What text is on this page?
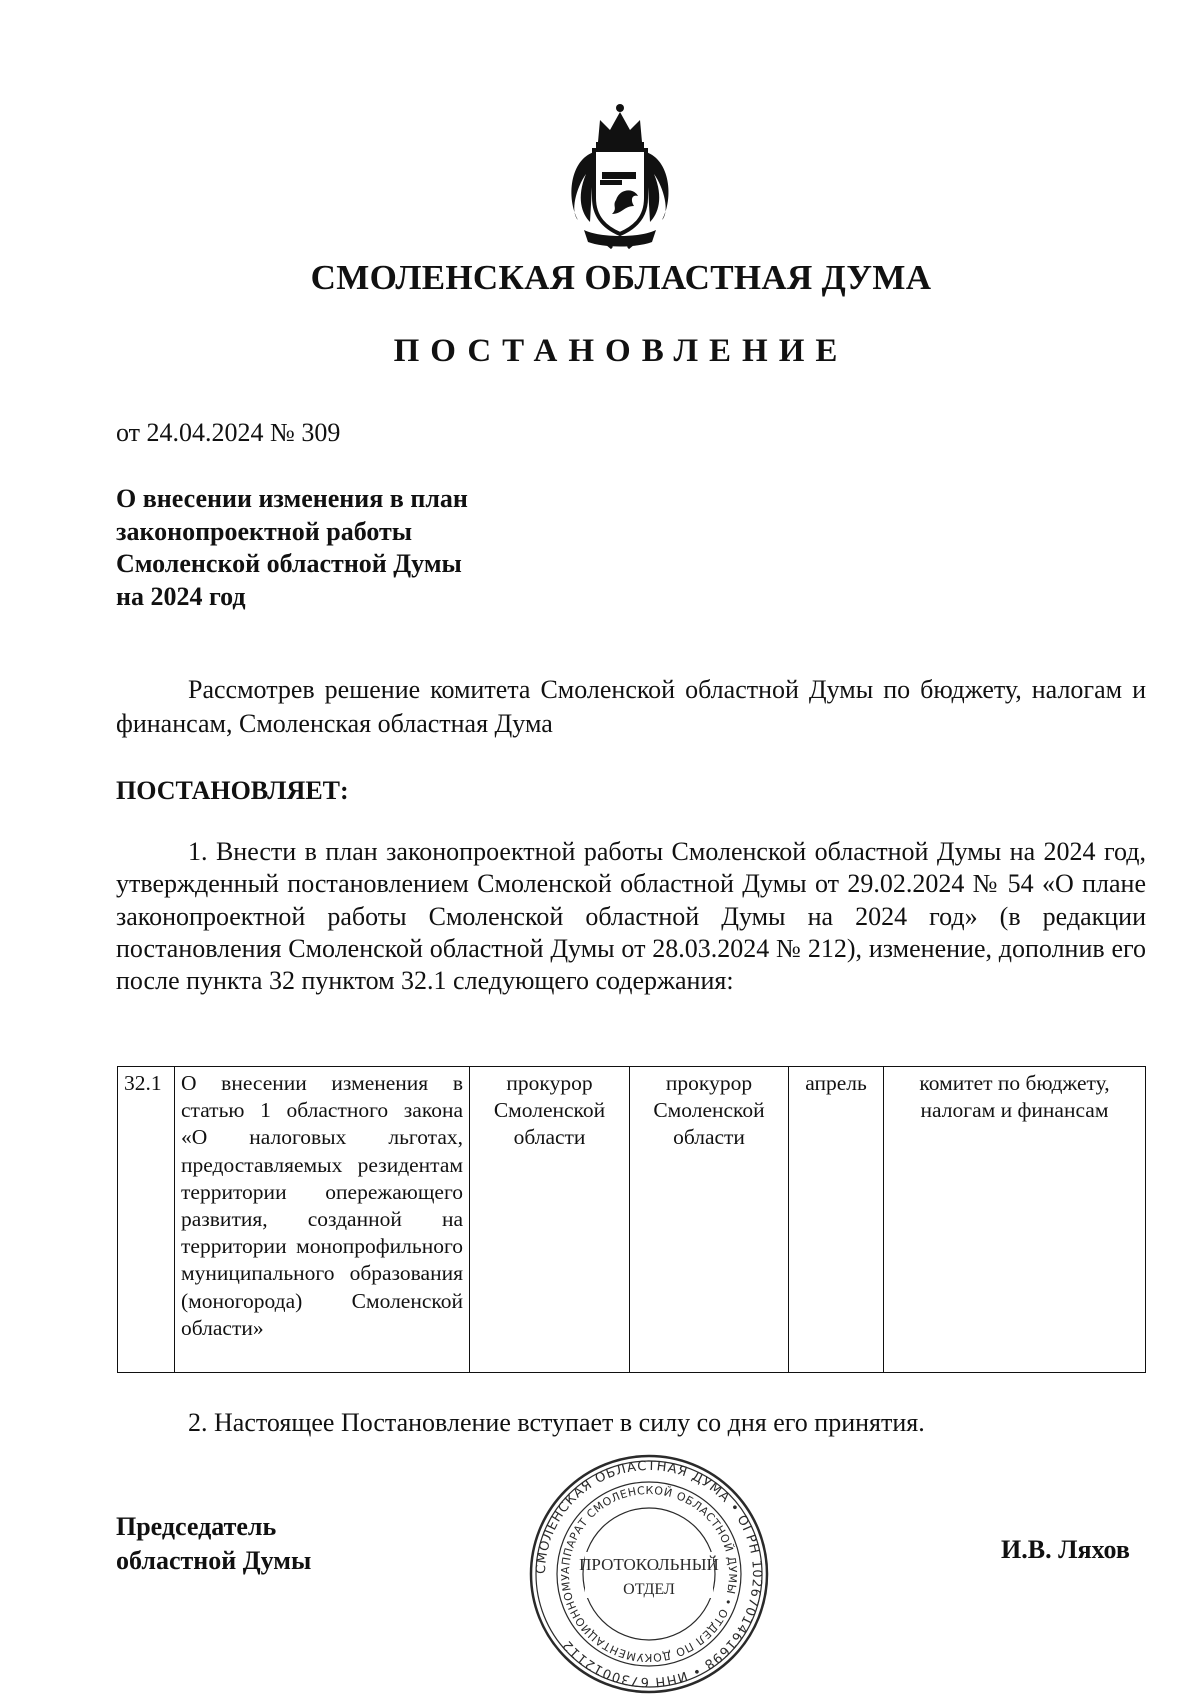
СМОЛЕНСКАЯ ОБЛАСТНАЯ ДУМА
ПОСТАНОВЛЕНИЕ
от 24.04.2024 № 309
О внесении изменения в план
законопроектной работы
Смоленской областной Думы
на 2024 год
Рассмотрев решение комитета Смоленской областной Думы по бюджету, налогам и финансам, Смоленская областная Дума
ПОСТАНОВЛЯЕТ:
1. Внести в план законопроектной работы Смоленской областной Думы на 2024 год, утвержденный постановлением Смоленской областной Думы от 29.02.2024 № 54 «О плане законопроектной работы Смоленской областной Думы на 2024 год» (в редакции постановления Смоленской областной Думы от 28.03.2024 № 212), изменение, дополнив его после пункта 32 пунктом 32.1 следующего содержания:
32.1	О внесении изменения в статью 1 областного закона «О налоговых льготах, предоставляемых резидентам территории опережающего развития, созданной на территории монопрофильного муниципального образования (моногорода) Смоленской области»	прокурор Смоленской области	прокурор Смоленской области	апрель	комитет по бюджету, налогам и финансам
2. Настоящее Постановление вступает в силу со дня его принятия.
Председатель
областной Думы	И.В. Ляхов
СМОЛЕНСКАЯ ОБЛАСТНАЯ ДУМА • ОГРН 1026701461698 • ИНН 6730012112
АППАРАТ СМОЛЕНСКОЙ ОБЛАСТНОЙ ДУМЫ • ОТДЕЛ ПО ДОКУМЕНТАЦИОННОМУ
ПРОТОКОЛЬНЫЙ
ОТДЕЛ
